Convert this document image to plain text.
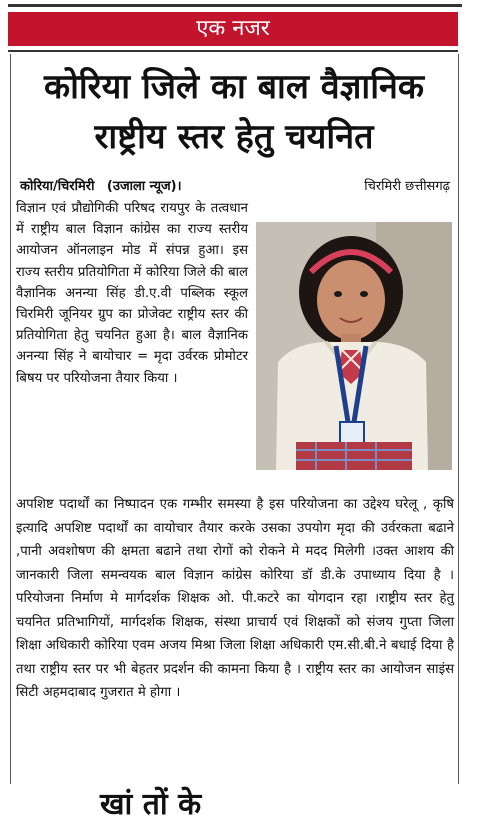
एक नजर
कोरिया जिले का बाल वैज्ञानिक
राष्ट्रीय स्तर हेतु चयनित
कोरिया/चिरमिरी (उजाला न्यूज)।	चिरमिरी छत्तीसगढ़
विज्ञान एवं प्रौद्योगिकी परिषद रायपुर के तत्वधान में राष्ट्रीय बाल विज्ञान कांग्रेस का राज्य स्तरीय आयोजन ऑनलाइन मोड में संपन्न हुआ। इस राज्य स्तरीय प्रतियोगिता में कोरिया जिले की बाल वैज्ञानिक अनन्या सिंह डी.ए.वी पब्लिक स्कूल चिरमिरी जूनियर ग्रुप का प्रोजेक्ट राष्ट्रीय स्तर की प्रतियोगिता हेतु चयनित हुआ है। बाल वैज्ञानिक अनन्या सिंह ने बायोचार = मृदा उर्वरक प्रोमोटर बिषय पर परियोजना तैयार किया ।
अपशिष्ट पदार्थों का निष्पादन एक गम्भीर समस्या है इस परियोजना का उद्देश्य घरेलू , कृषि इत्यादि अपशिष्ट पदार्थों का वायोचार तैयार करके उसका उपयोग मृदा की उर्वरकता बढाने ,पानी अवशोषण की क्षमता बढाने तथा रोगों को रोकने मे मदद मिलेगी ।उक्त आशय की जानकारी जिला समन्वयक बाल विज्ञान कांग्रेस कोरिया डॉ डी.के उपाध्याय दिया है । परियोजना निर्माण मे मार्गदर्शक शिक्षक ओ. पी.कटरे का योगदान रहा ।राष्ट्रीय स्तर हेतु चयनित प्रतिभागियों, मार्गदर्शक शिक्षक, संस्था प्राचार्य एवं शिक्षकों को संजय गुप्ता जिला शिक्षा अधिकारी कोरिया एवम अजय मिश्रा जिला शिक्षा अधिकारी एम.सी.बी.ने बधाई दिया है तथा राष्ट्रीय स्तर पर भी बेहतर प्रदर्शन की कामना किया है । राष्ट्रीय स्तर का आयोजन साइंस सिटी अहमदाबाद गुजरात मे होगा ।
खां तों के
